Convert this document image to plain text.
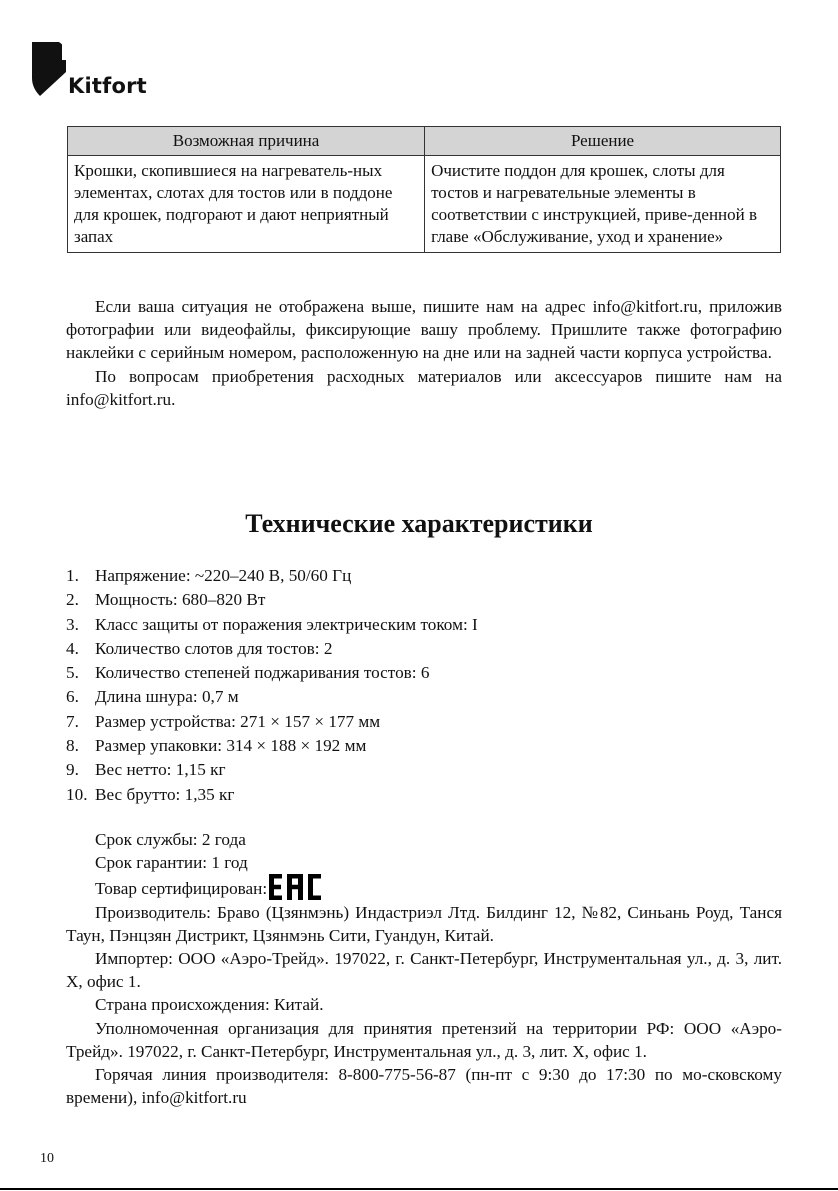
Kitfort
Возможная причина	Решение
Крошки, скопившиеся на нагреватель-ных элементах, слотах для тостов или в поддоне для крошек, подгорают и дают неприятный запах	Очистите поддон для крошек, слоты для тостов и нагревательные элементы в соответствии с инструкцией, приве-денной в главе «Обслуживание, уход и хранение»

Если ваша ситуация не отображена выше, пишите нам на адрес info@kitfort.ru, приложив фотографии или видеофайлы, фиксирующие вашу проблему. Пришлите также фотографию наклейки с серийным номером, расположенную на дне или на задней части корпуса устройства.

По вопросам приобретения расходных материалов или аксессуаров пишите нам на info@kitfort.ru.

Технические характеристики
1. Напряжение: ~220–240 В, 50/60 Гц
2. Мощность: 680–820 Вт
3. Класс защиты от поражения электрическим током: I
4. Количество слотов для тостов: 2
5. Количество степеней поджаривания тостов: 6
6. Длина шнура: 0,7 м
7. Размер устройства: 271 × 157 × 177 мм
8. Размер упаковки: 314 × 188 × 192 мм
9. Вес нетто: 1,15 кг
10. Вес брутто: 1,35 кг

Срок службы: 2 года

Срок гарантии: 1 год

Товар сертифицирован:

Производитель: Браво (Цзянмэнь) Индастриэл Лтд. Билдинг 12, №82, Синьань Роуд, Танся Таун, Пэнцзян Дистрикт, Цзянмэнь Сити, Гуандун, Китай.

Импортер: ООО «Аэро-Трейд». 197022, г. Санкт-Петербург, Инструментальная ул., д. 3, лит. Х, офис 1.

Страна происхождения: Китай.

Уполномоченная организация для принятия претензий на территории РФ: ООО «Аэро-Трейд». 197022, г. Санкт-Петербург, Инструментальная ул., д. 3, лит. Х, офис 1.

Горячая линия производителя: 8-800-775-56-87 (пн-пт с 9:30 до 17:30 по мо-сковскому времени), info@kitfort.ru

10
